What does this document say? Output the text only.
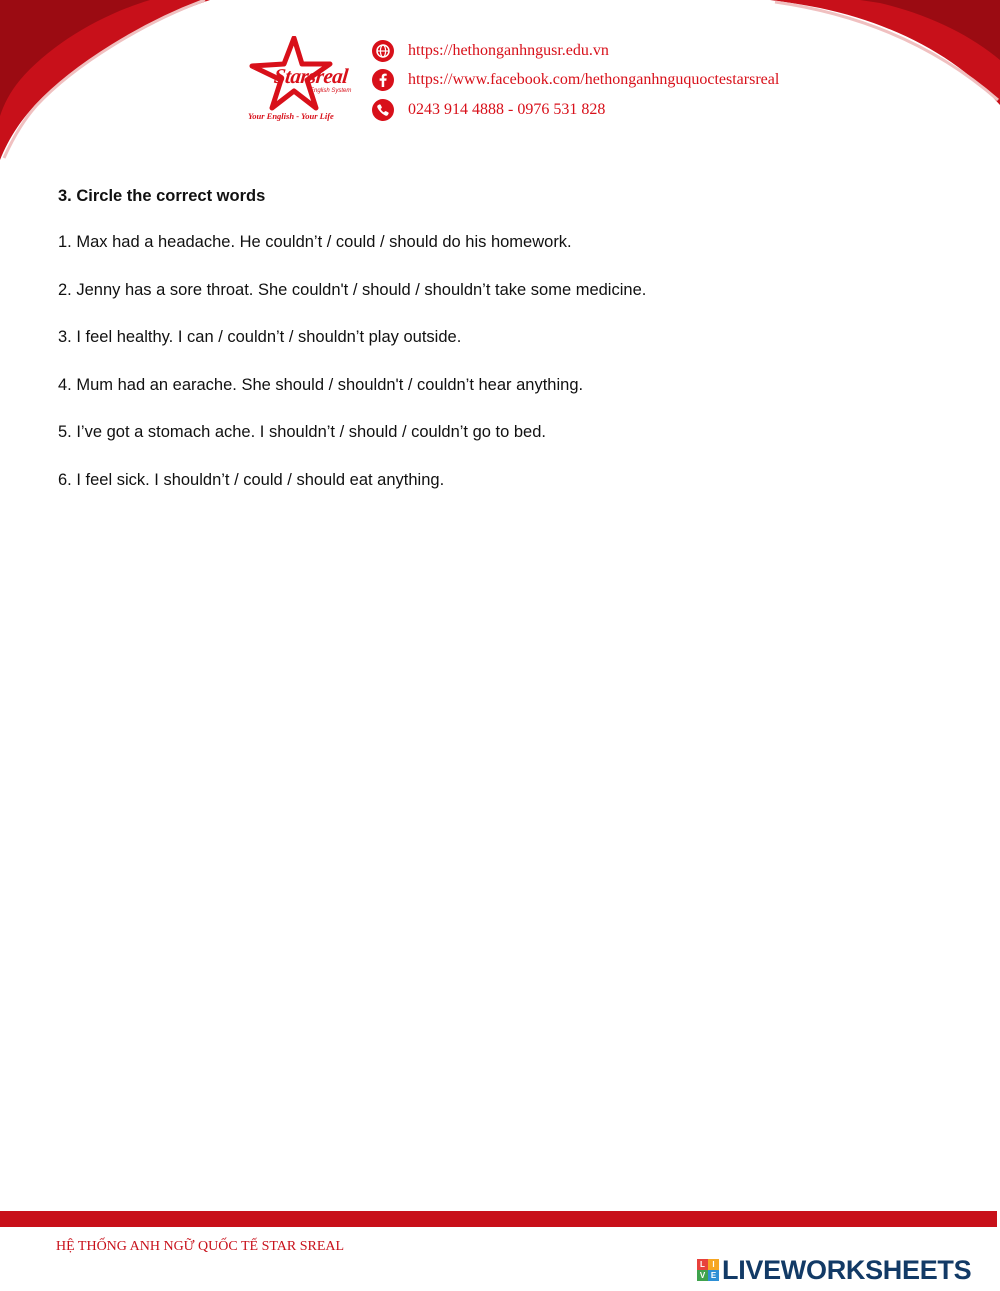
Starsreal
English System
Your English - Your Life
https://hethonganhngusr.edu.vn
https://www.facebook.com/hethonganhnguquoctestarsreal
0243 914 4888 - 0976 531 828

3. Circle the correct words

1. Max had a headache. He couldn’t / could / should do his homework.

2. Jenny has a sore throat. She couldn't / should / shouldn’t take some medicine.

3. I feel healthy. I can / couldn’t / shouldn’t play outside.

4. Mum had an earache. She should / shouldn't / couldn’t hear anything.

5. I’ve got a stomach ache. I shouldn’t / should / couldn’t go to bed.

6. I feel sick. I shouldn’t / could / should eat anything.

HỆ THỐNG ANH NGỮ QUỐC TẾ STAR SREAL
L I
V E LIVEWORKSHEETS
